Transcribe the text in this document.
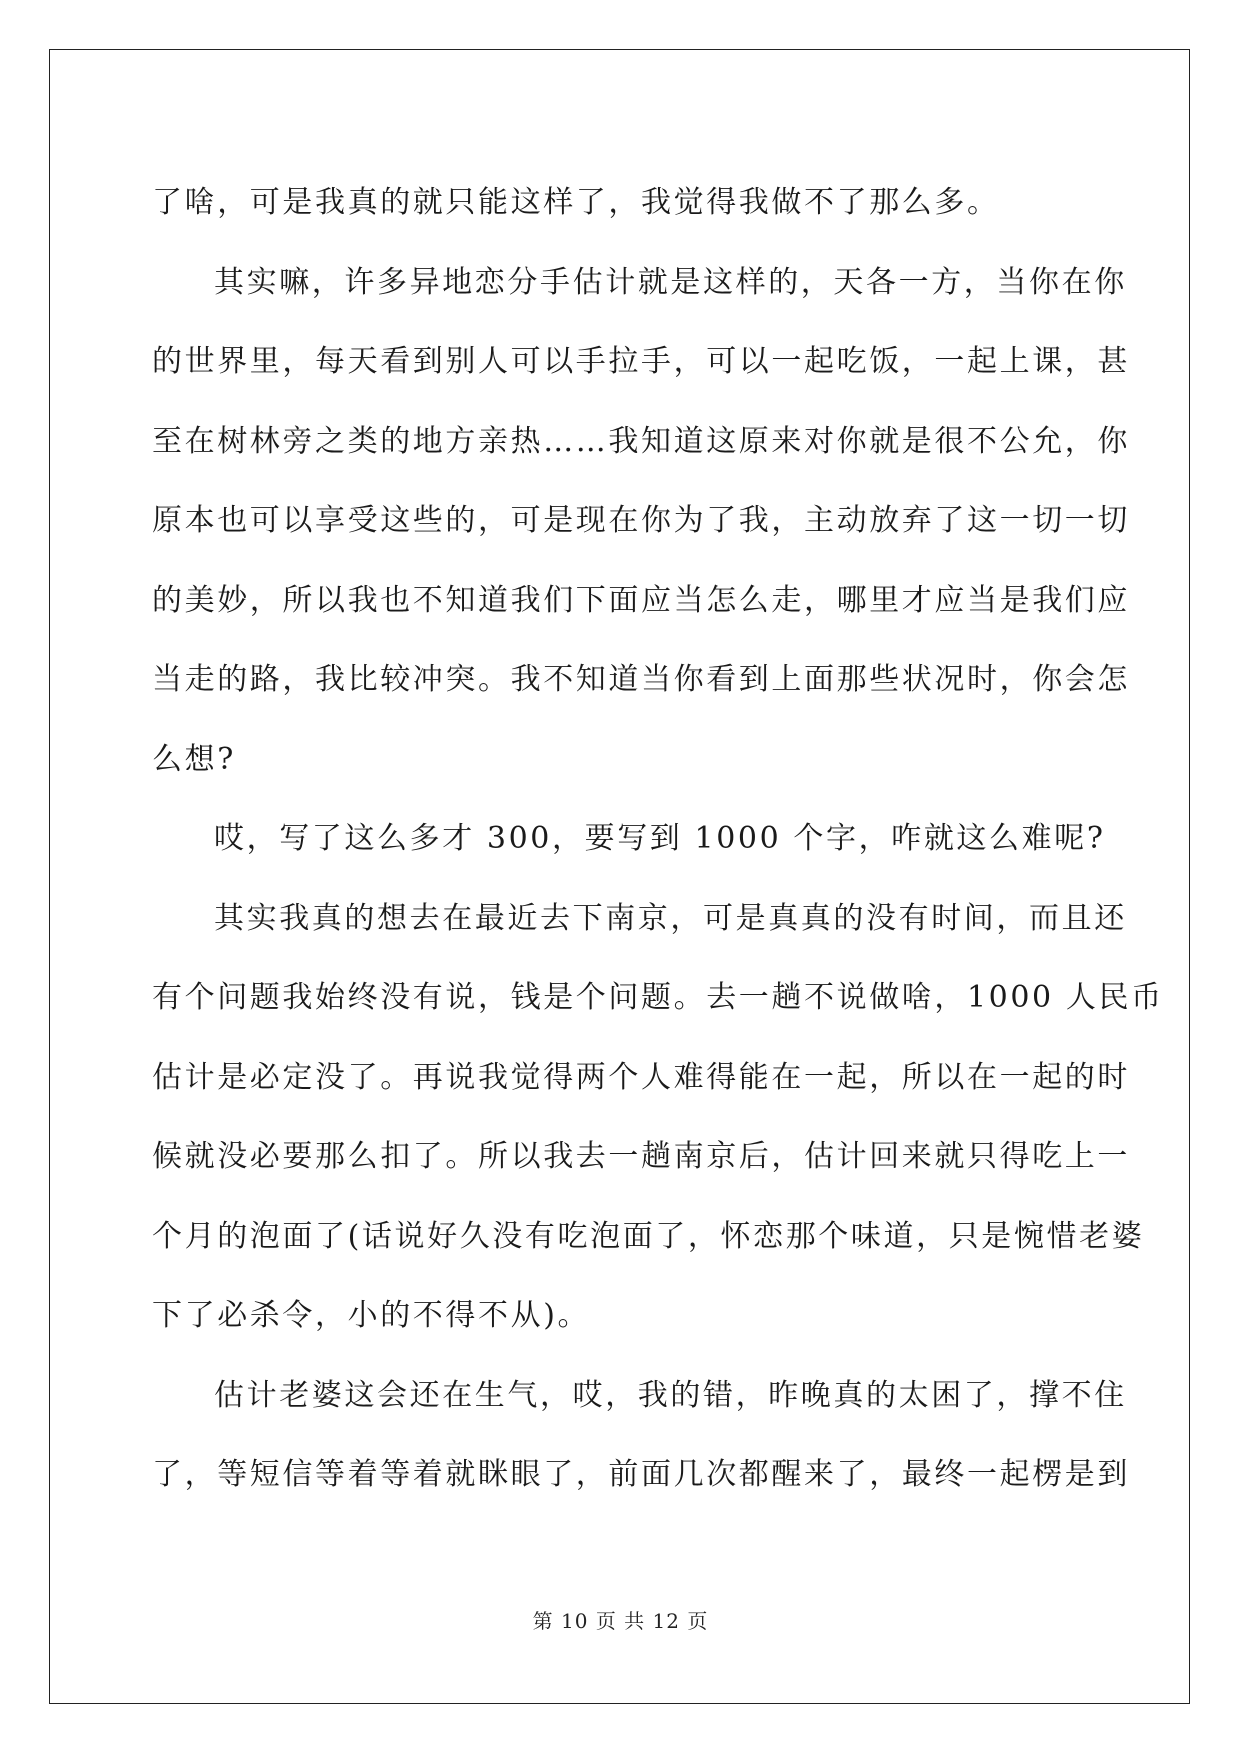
了啥，可是我真的就只能这样了，我觉得我做不了那么多。
其实嘛，许多异地恋分手估计就是这样的，天各一方，当你在你
的世界里，每天看到别人可以手拉手，可以一起吃饭，一起上课，甚
至在树林旁之类的地方亲热……我知道这原来对你就是很不公允，你
原本也可以享受这些的，可是现在你为了我，主动放弃了这一切一切
的美妙，所以我也不知道我们下面应当怎么走，哪里才应当是我们应
当走的路，我比较冲突。我不知道当你看到上面那些状况时，你会怎
么想?
哎，写了这么多才 300，要写到 1000 个字，咋就这么难呢?
其实我真的想去在最近去下南京，可是真真的没有时间，而且还
有个问题我始终没有说，钱是个问题。去一趟不说做啥，1000 人民币
估计是必定没了。再说我觉得两个人难得能在一起，所以在一起的时
候就没必要那么扣了。所以我去一趟南京后，估计回来就只得吃上一
个月的泡面了(话说好久没有吃泡面了，怀恋那个味道，只是惋惜老婆
下了必杀令，小的不得不从)。
估计老婆这会还在生气，哎，我的错，昨晚真的太困了，撑不住
了，等短信等着等着就眯眼了，前面几次都醒来了，最终一起楞是到
第 10 页 共 12 页
